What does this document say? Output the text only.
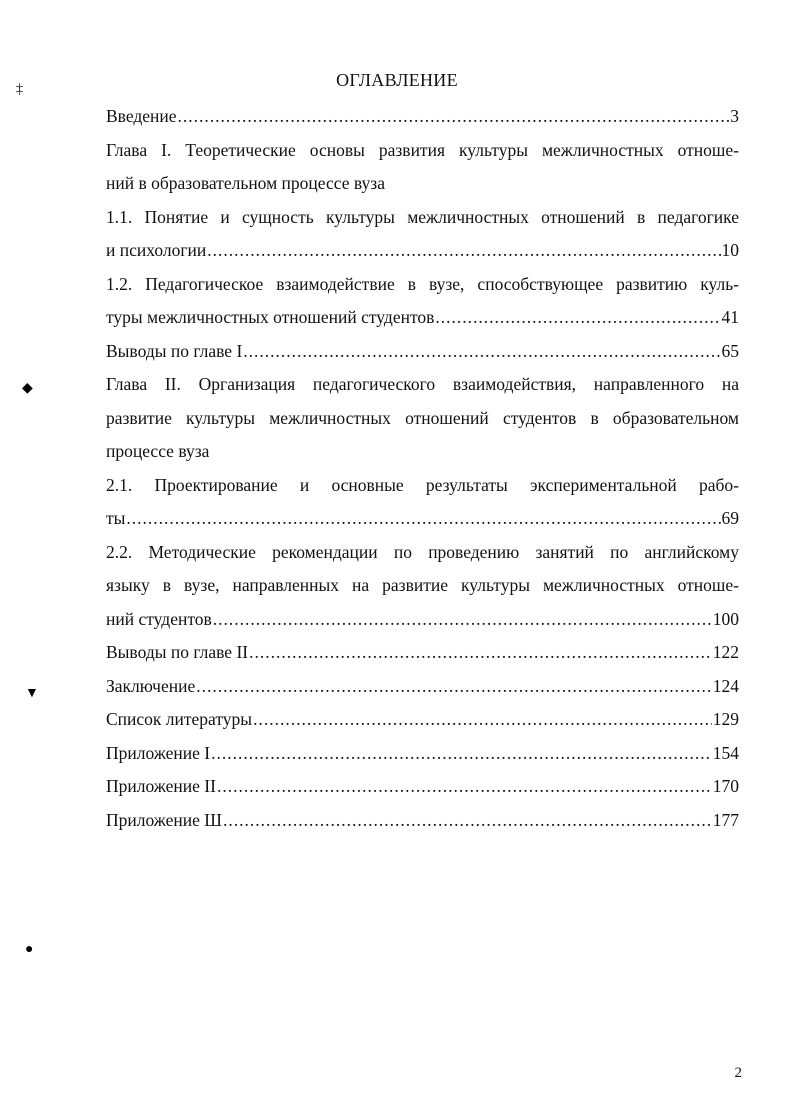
ОГЛАВЛЕНИЕ
Введение .....	3
Глава I. Теоретические основы развития культуры межличностных отноше-
ний в образовательном процессе вуза
1.1. Понятие и сущность культуры межличностных отношений в педагогике
и психологии .....	10
1.2. Педагогическое взаимодействие в вузе, способствующее развитию куль-
туры межличностных отношений студентов .....	41
Выводы по главе I .....	65
Глава II. Организация педагогического взаимодействия, направленного на
развитие культуры межличностных отношений студентов в образовательном
процессе вуза
2.1. Проектирование и основные результаты экспериментальной рабо-
ты .....	69
2.2. Методические рекомендации по проведению занятий по английскому
языку в вузе, направленных на развитие культуры межличностных отноше-
ний студентов .....	100
Выводы по главе II .....	122
Заключение .....	124
Список литературы .....	129
Приложение I .....	154
Приложение II .....	170
Приложение Ш .....	177
‡
◆
▼
●
2
